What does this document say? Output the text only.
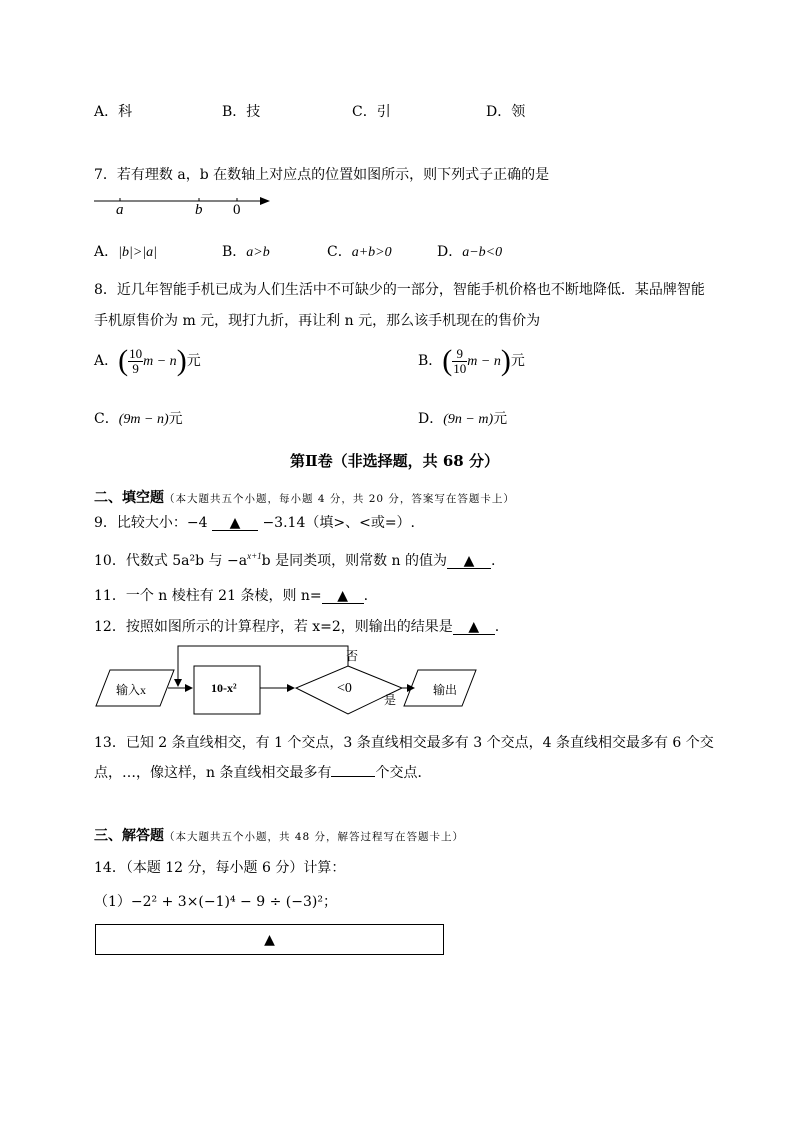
A．科	B．技	C．引	D．领
7．若有理数 a，b 在数轴上对应点的位置如图所示，则下列式子正确的是
a	b 0
A．|b|>|a|	B．a>b	C．a+b>0	D．a−b<0
8．近几年智能手机已成为人们生活中不可缺少的一部分，智能手机价格也不断地降低．某品牌智能
手机原售价为 m 元，现打九折，再让利 n 元，那么该手机现在的售价为
A．( $\frac{10}{9}$ m − n)元	B．( $\frac{9}{10}$ m − n)元
C．(9m − n)元	D．(9n − m)元
第Ⅱ卷（非选择题，共 68 分）
二、填空题（本大题共五个小题，每小题 4 分，共 20 分，答案写在答题卡上）
9．比较大小：−4 ▲ −3.14（填>、<或=）.
10．代数式 5a²b 与 $-a^{x+1}b$ 是同类项，则常数 n 的值为 ▲ .
11．一个 n 棱柱有 21 条棱，则 n= ▲ .
12．按照如图所示的计算程序，若 x=2，则输出的结果是 ▲ .
输入x	10-x²	<0
否
是
输出
13．已知 2 条直线相交，有 1 个交点，3 条直线相交最多有 3 个交点，4 条直线相交最多有 6 个交
点，…，像这样，n 条直线相交最多有	个交点．
三、解答题（本大题共五个小题，共 48 分，解答过程写在答题卡上）
14．（本题 12 分，每小题 6 分）计算：
（1）−2² + 3×(−1)⁴ − 9 ÷ (−3)²；
▲
